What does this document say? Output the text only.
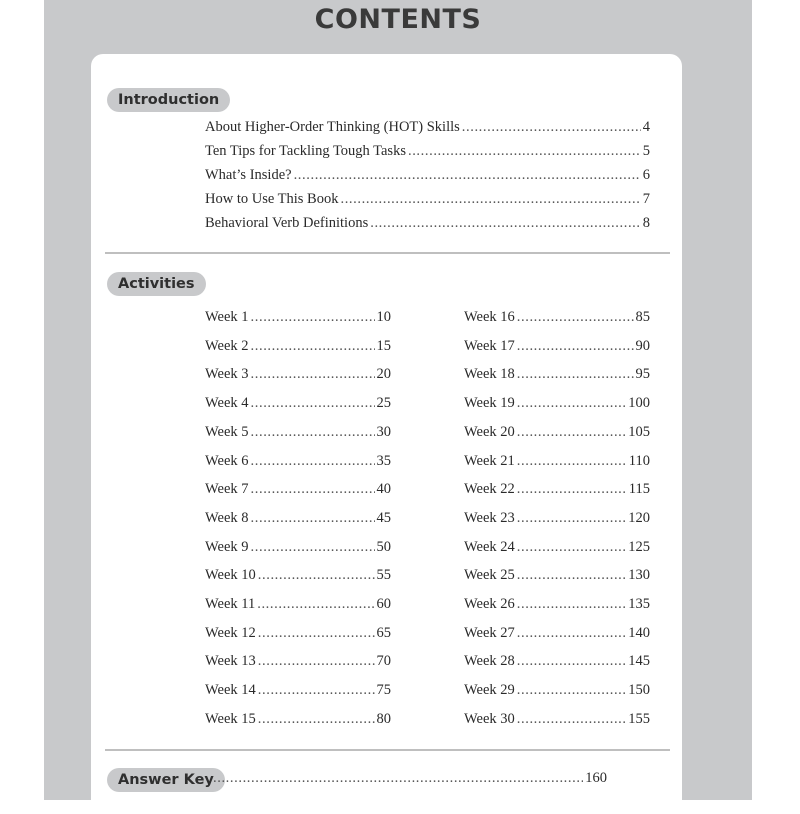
CONTENTS
Introduction
About Higher-Order Thinking (HOT) Skills .....	4
Ten Tips for Tackling Tough Tasks .....	5
What’s Inside? .....	6
How to Use This Book .....	7
Behavioral Verb Definitions .....	8
Activities
Week 1 .....	10
Week 2 .....	15
Week 3 .....	20
Week 4 .....	25
Week 5 .....	30
Week 6 .....	35
Week 7 .....	40
Week 8 .....	45
Week 9 .....	50
Week 10 .....	55
Week 11 .....	60
Week 12 .....	65
Week 13 .....	70
Week 14 .....	75
Week 15 .....	80
Week 16 .....	85
Week 17 .....	90
Week 18 .....	95
Week 19 .....	100
Week 20 .....	105
Week 21 .....	110
Week 22 .....	115
Week 23 .....	120
Week 24 .....	125
Week 25 .....	130
Week 26 .....	135
Week 27 .....	140
Week 28 .....	145
Week 29 .....	150
Week 30 .....	155
Answer Key .....	160
